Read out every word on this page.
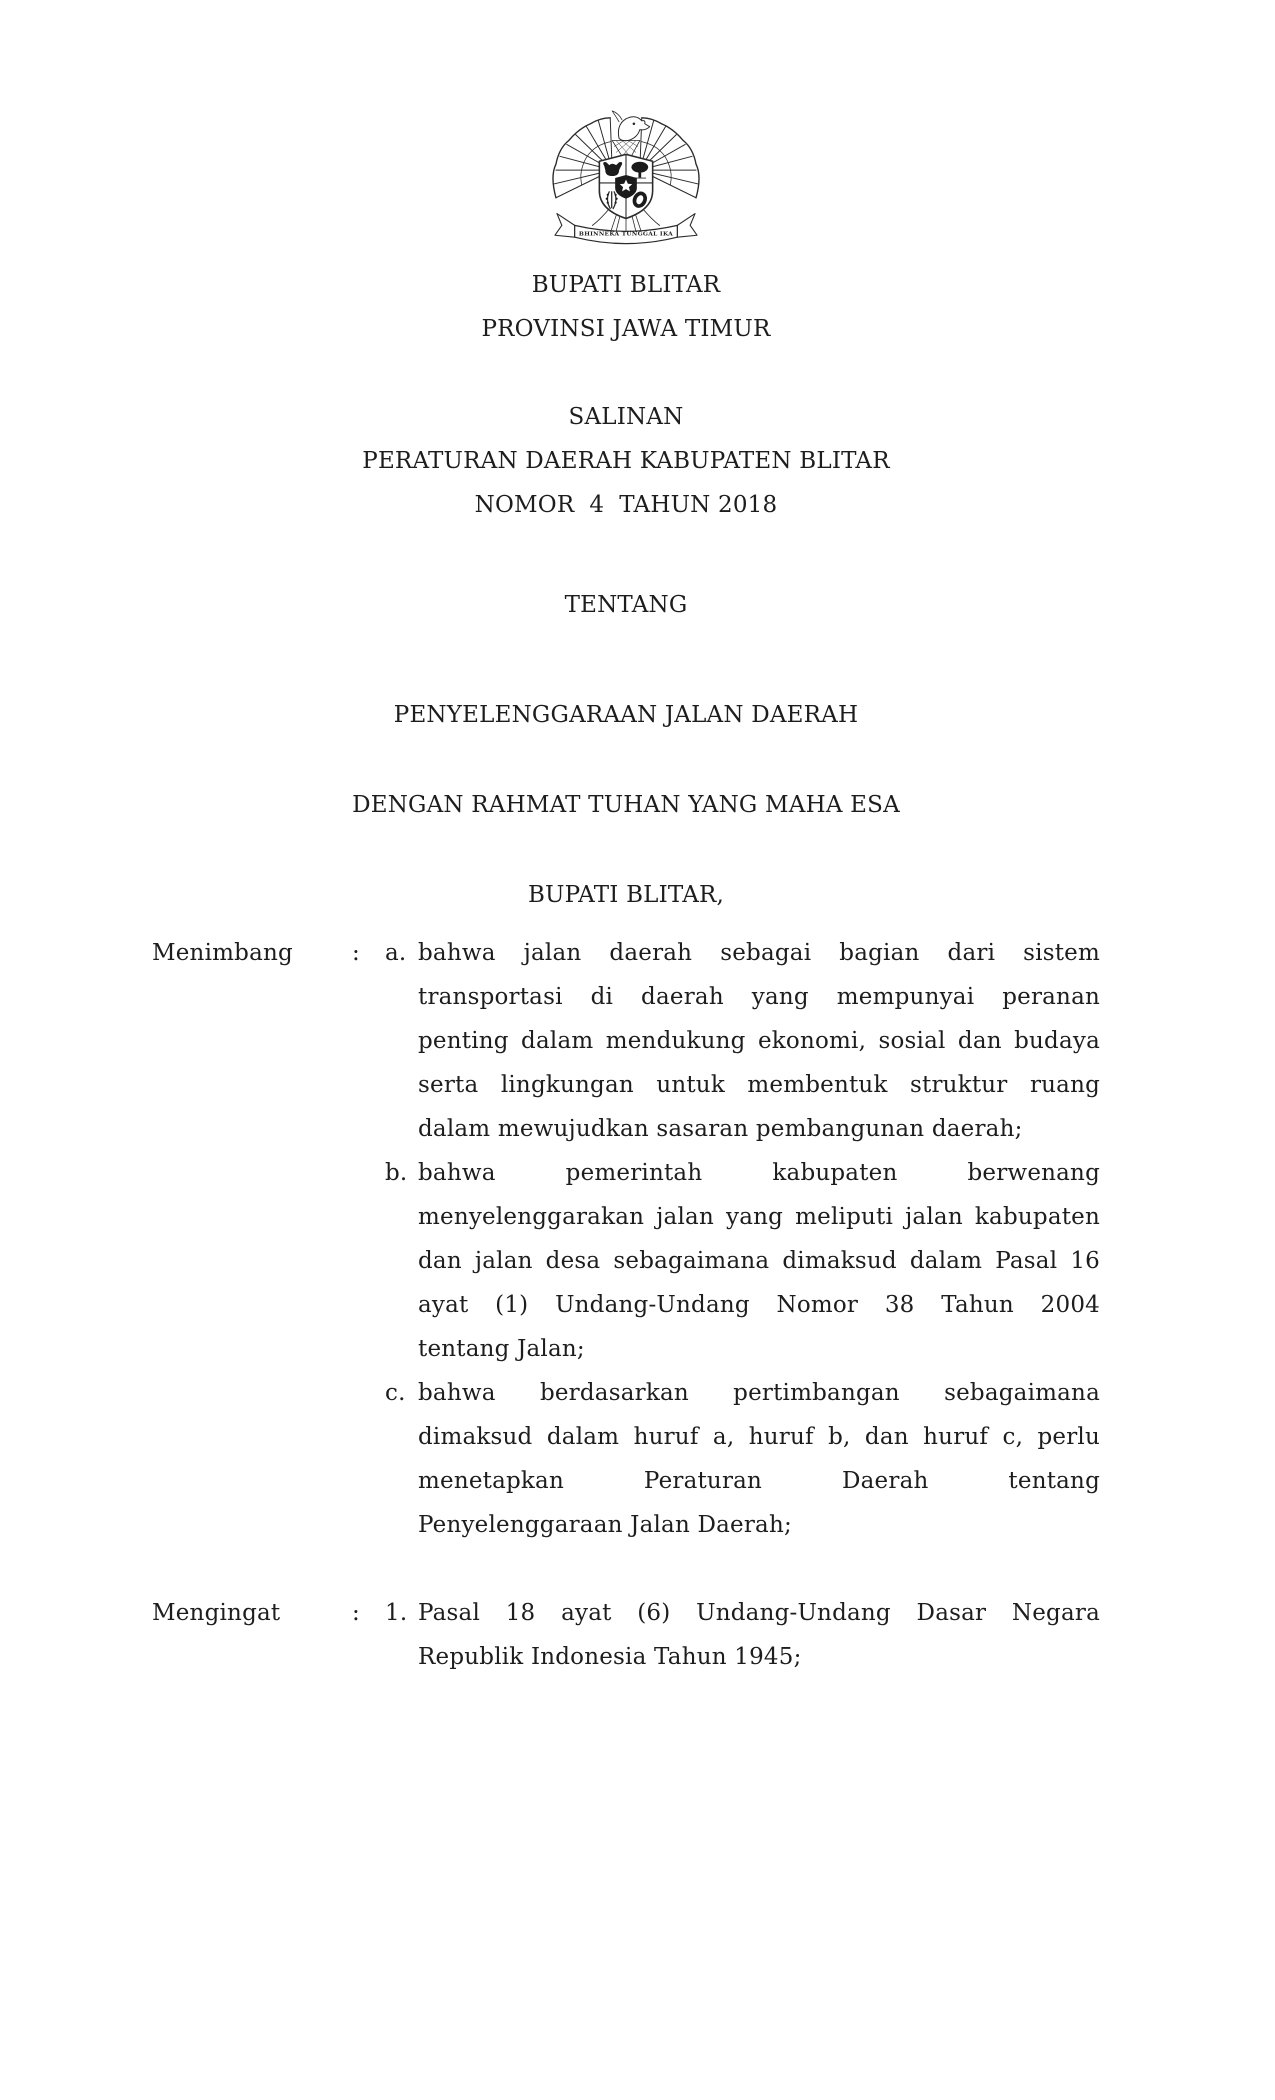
BHINNEKA TUNGGAL IKA
BUPATI BLITAR
PROVINSI JAWA TIMUR
SALINAN
PERATURAN DAERAH KABUPATEN BLITAR
NOMOR  4  TAHUN 2018
TENTANG
PENYELENGGARAAN JALAN DAERAH
DENGAN RAHMAT TUHAN YANG MAHA ESA
BUPATI BLITAR,
Menimbang	:	a. bahwa jalan daerah sebagai bagian dari sistem
transportasi di daerah yang mempunyai peranan
penting dalam mendukung ekonomi, sosial dan budaya
serta lingkungan untuk membentuk struktur ruang
dalam mewujudkan sasaran pembangunan daerah;
b. bahwa pemerintah kabupaten berwenang
menyelenggarakan jalan yang meliputi jalan kabupaten
dan jalan desa sebagaimana dimaksud dalam Pasal 16
ayat (1) Undang-Undang Nomor 38 Tahun 2004
tentang Jalan;
c. bahwa berdasarkan pertimbangan sebagaimana
dimaksud dalam huruf a, huruf b, dan huruf c, perlu
menetapkan Peraturan Daerah tentang
Penyelenggaraan Jalan Daerah;
Mengingat	:	1. Pasal 18 ayat (6) Undang-Undang Dasar Negara
Republik Indonesia Tahun 1945;
